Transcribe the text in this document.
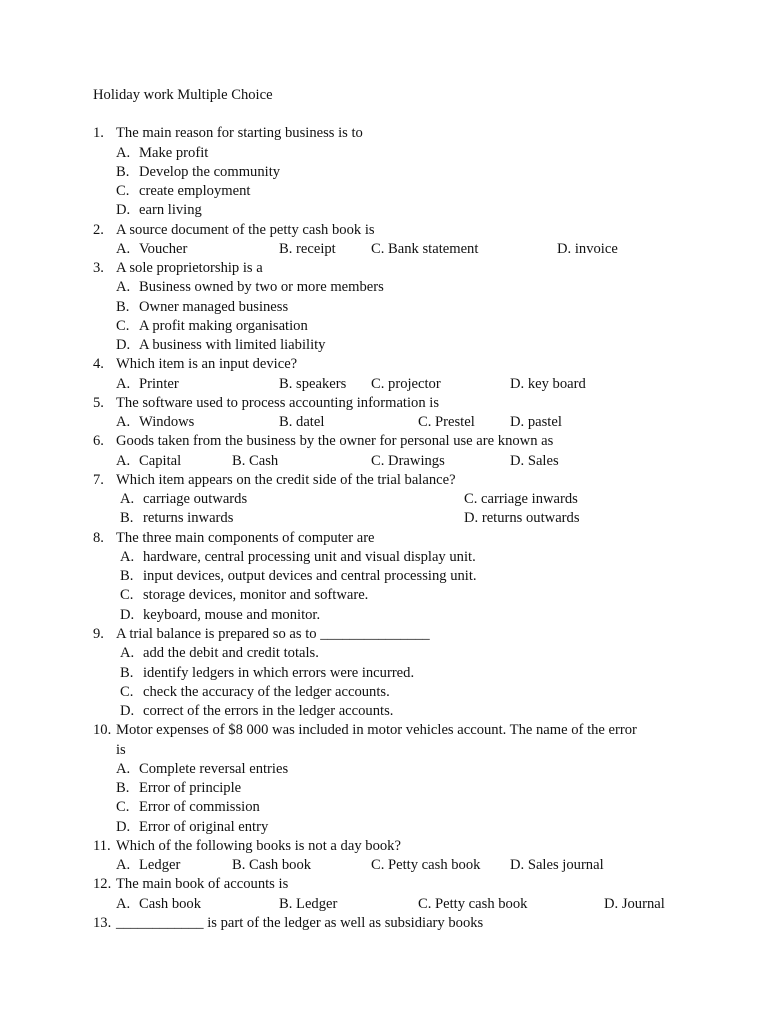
Holiday work Multiple Choice
1. The main reason for starting business is to
A. Make profit
B. Develop the community
C. create employment
D. earn living
2. A source document of the petty cash book is
A. Voucher	B. receipt C. Bank statement	D. invoice
3. A sole proprietorship is a
A. Business owned by two or more members
B. Owner managed business
C. A profit making organisation
D. A business with limited liability
4. Which item is an input device?
A. Printer	B. speakers C. projector	D. key board
5. The software used to process accounting information is
A. Windows	B. datel	C. Prestel D. pastel
6. Goods taken from the business by the owner for personal use are known as
A. Capital	B. Cash	C. Drawings	D. Sales
7. Which item appears on the credit side of the trial balance?
A. carriage outwards	C. carriage inwards
B. returns inwards	D. returns outwards
8. The three main components of computer are
A. hardware, central processing unit and visual display unit.
B. input devices, output devices and central processing unit.
C. storage devices, monitor and software.
D. keyboard, mouse and monitor.
9. A trial balance is prepared so as to _______________
A. add the debit and credit totals.
B. identify ledgers in which errors were incurred.
C. check the accuracy of the ledger accounts.
D. correct of the errors in the ledger accounts.
10. Motor expenses of $8 000 was included in motor vehicles account. The name of the error
is
A. Complete reversal entries
B. Error of principle
C. Error of commission
D. Error of original entry
11. Which of the following books is not a day book?
A. Ledger	B. Cash book	C. Petty cash book D. Sales journal
12. The main book of accounts is
A. Cash book	B. Ledger	C. Petty cash book	D. Journal
13. ____________ is part of the ledger as well as subsidiary books
